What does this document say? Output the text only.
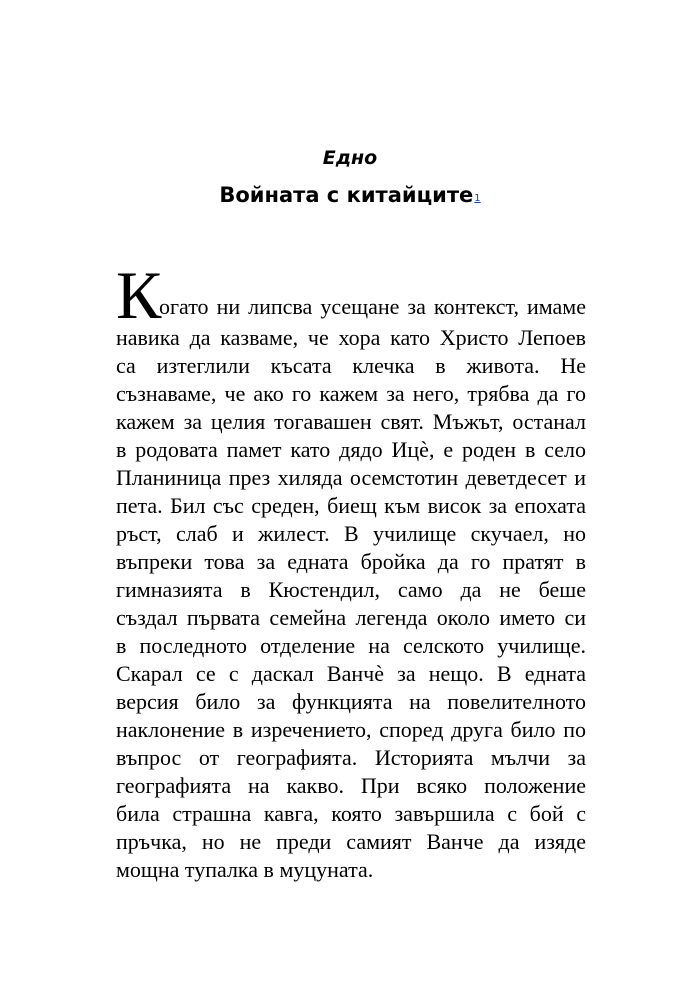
Едно
Войната с китайците1
К
огато ни липсва усещане за контекст, имаме
навика да казваме, че хора като Христо Лепоев
са изтеглили късата клечка в живота. Не
съзнаваме, че ако го кажем за него, трябва да го
кажем за целия тогавашен свят. Мъжът, останал
в родовата памет като дядо Ицѐ, е роден в село
Планиница през хиляда осемстотин деветдесет и
пета. Бил със среден, биещ към висок за епохата
ръст, слаб и жилест. В училище скучаел, но
въпреки това за едната бройка да го пратят в
гимназията в Кюстендил, само да не беше
създал първата семейна легенда около името си
в последното отделение на селското училище.
Скарал се с даскал Ванчѐ за нещо. В едната
версия било за функцията на повелителното
наклонение в изречението, според друга било по
въпрос от географията. Историята мълчи за
географията на какво. При всяко положение
била страшна кавга, която завършила с бой с
пръчка, но не преди самият Ванче да изяде
мощна тупалка в муцуната.
